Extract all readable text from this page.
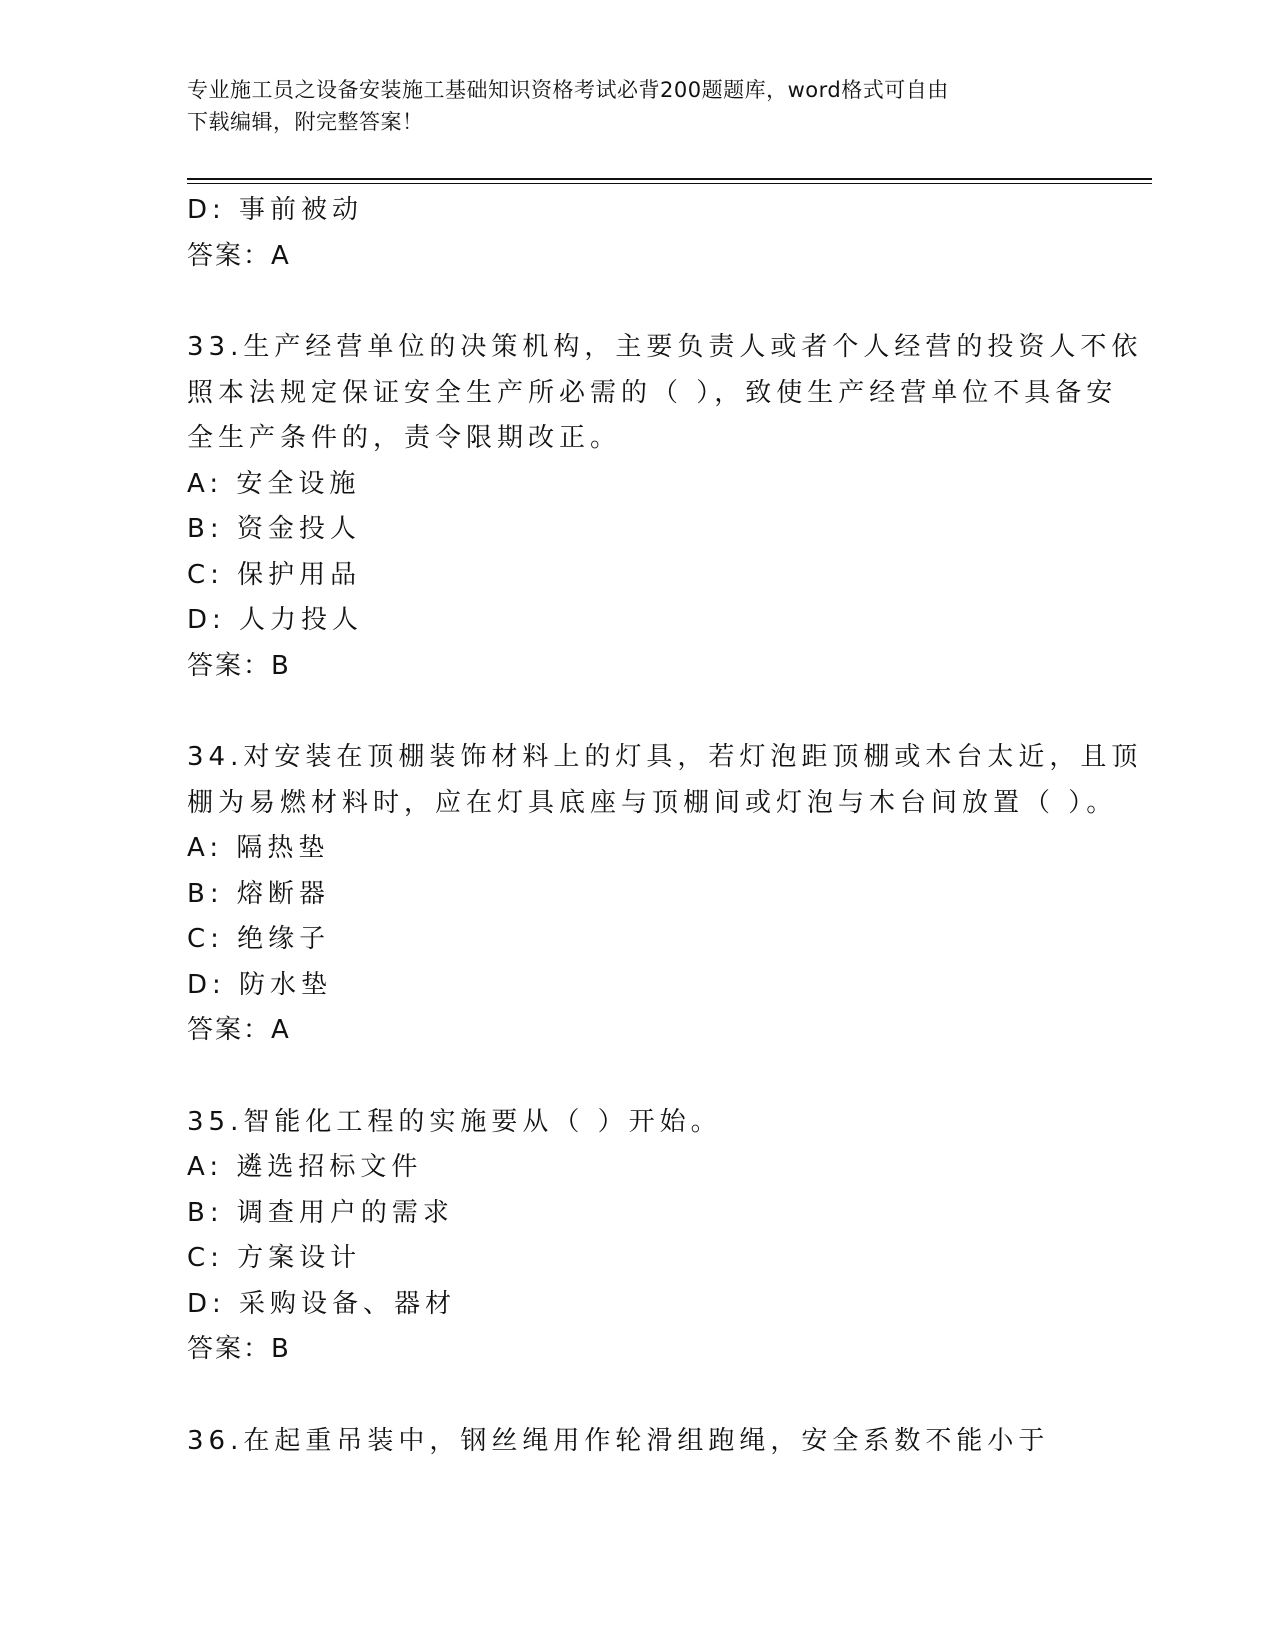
专业施工员之设备安装施工基础知识资格考试必背200题题库，word格式可自由
下载编辑，附完整答案！
D: 事前被动
答案：A
33.生产经营单位的决策机构，主要负责人或者个人经营的投资人不依
照本法规定保证安全生产所必需的（ ），致使生产经营单位不具备安
全生产条件的，责令限期改正。
A: 安全设施
B: 资金投人
C: 保护用品
D: 人力投人
答案：B
34.对安装在顶棚装饰材料上的灯具，若灯泡距顶棚或木台太近，且顶
棚为易燃材料时，应在灯具底座与顶棚间或灯泡与木台间放置（ ）。
A: 隔热垫
B: 熔断器
C: 绝缘子
D: 防水垫
答案：A
35.智能化工程的实施要从（ ）开始。
A: 遴选招标文件
B: 调查用户的需求
C: 方案设计
D: 采购设备、器材
答案：B
36.在起重吊装中，钢丝绳用作轮滑组跑绳，安全系数不能小于
